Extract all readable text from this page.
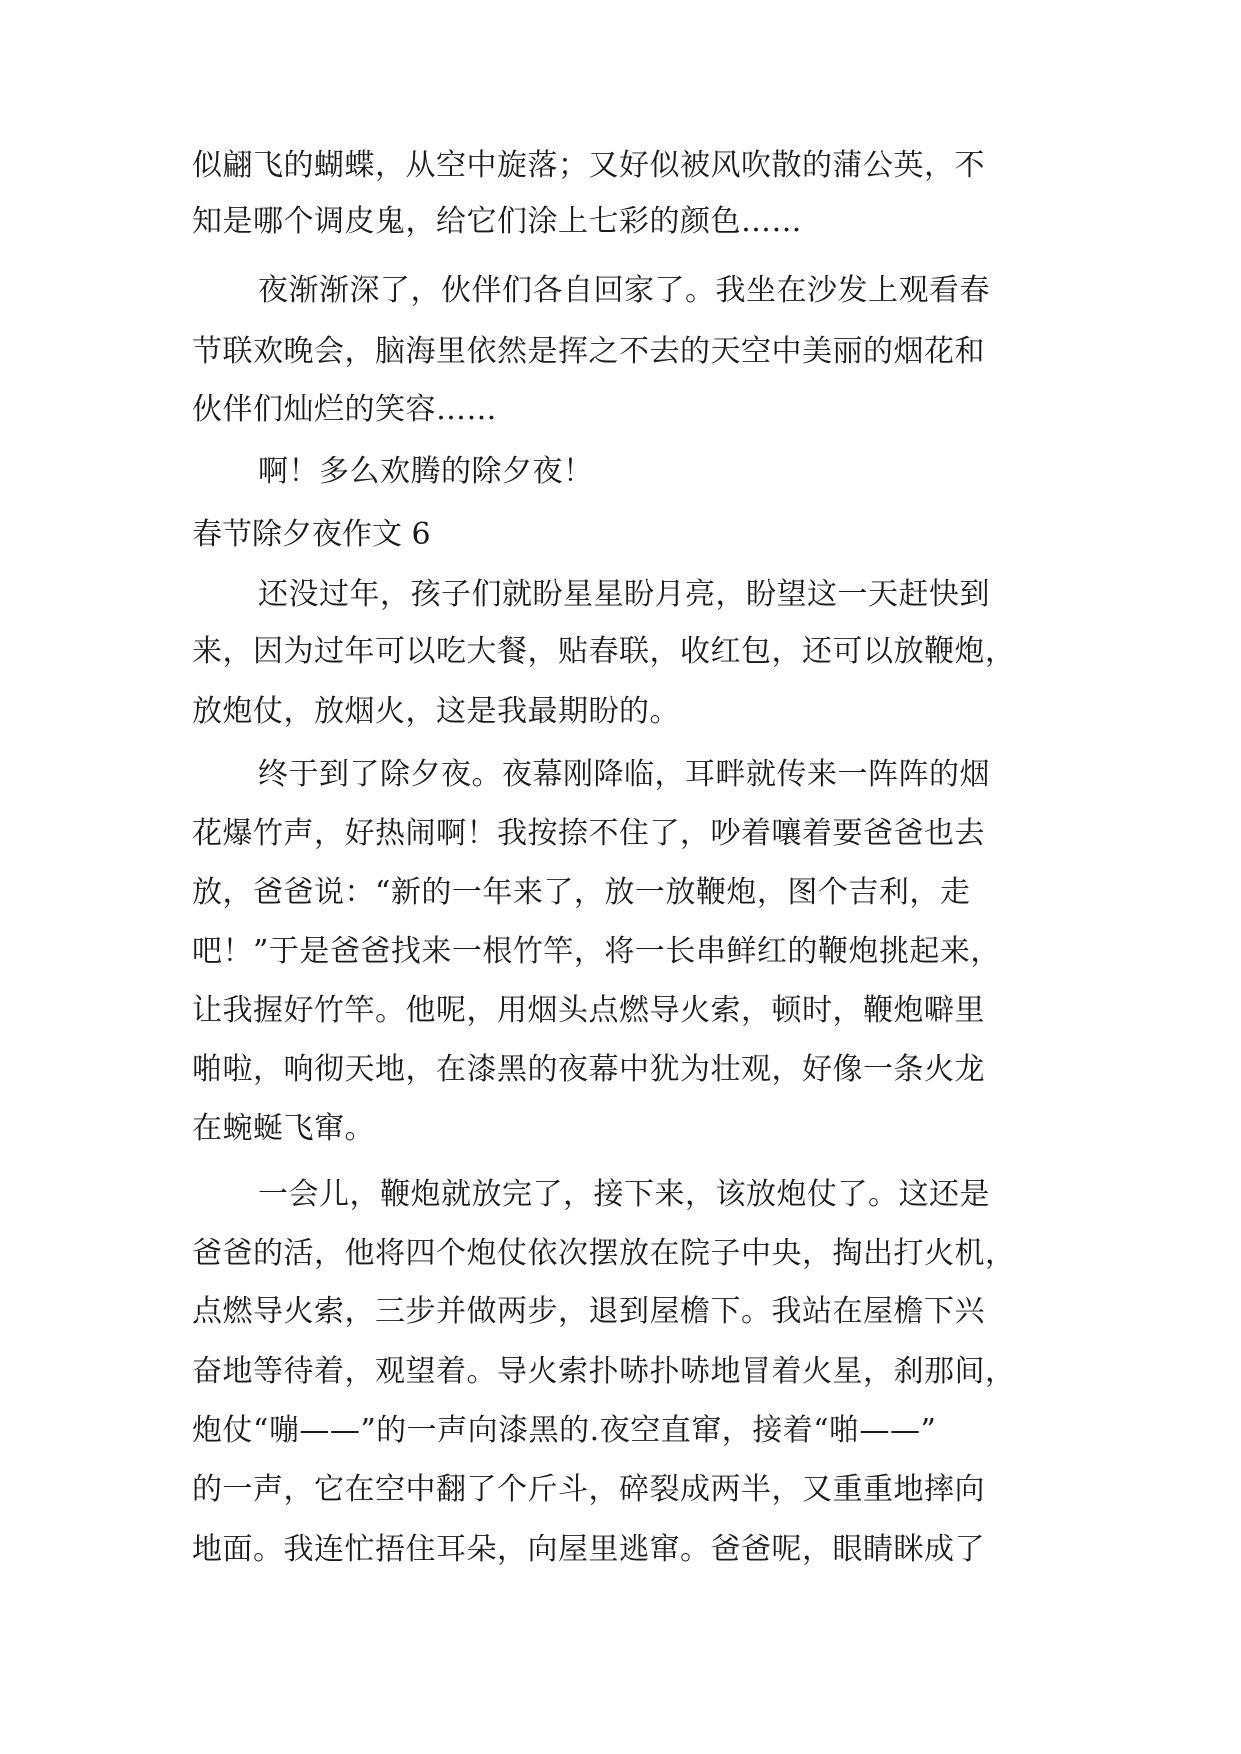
似翩飞的蝴蝶，从空中旋落；又好似被风吹散的蒲公英，不
知是哪个调皮鬼，给它们涂上七彩的颜色……
夜渐渐深了，伙伴们各自回家了。我坐在沙发上观看春
节联欢晚会，脑海里依然是挥之不去的天空中美丽的烟花和
伙伴们灿烂的笑容……
啊！多么欢腾的除夕夜！
春节除夕夜作文 6
还没过年，孩子们就盼星星盼月亮，盼望这一天赶快到
来，因为过年可以吃大餐，贴春联，收红包，还可以放鞭炮，
放炮仗，放烟火，这是我最期盼的。
终于到了除夕夜。夜幕刚降临，耳畔就传来一阵阵的烟
花爆竹声，好热闹啊！我按捺不住了，吵着嚷着要爸爸也去
放，爸爸说：“新的一年来了，放一放鞭炮，图个吉利，走
吧！”于是爸爸找来一根竹竿，将一长串鲜红的鞭炮挑起来，
让我握好竹竿。他呢，用烟头点燃导火索，顿时，鞭炮噼里
啪啦，响彻天地，在漆黑的夜幕中犹为壮观，好像一条火龙
在蜿蜒飞窜。
一会儿，鞭炮就放完了，接下来，该放炮仗了。这还是
爸爸的活，他将四个炮仗依次摆放在院子中央，掏出打火机，
点燃导火索，三步并做两步，退到屋檐下。我站在屋檐下兴
奋地等待着，观望着。导火索扑哧扑哧地冒着火星，刹那间，
炮仗“嘣——”的一声向漆黑的.夜空直窜，接着“啪——”
的一声，它在空中翻了个斤斗，碎裂成两半，又重重地摔向
地面。我连忙捂住耳朵，向屋里逃窜。爸爸呢，眼睛眯成了
